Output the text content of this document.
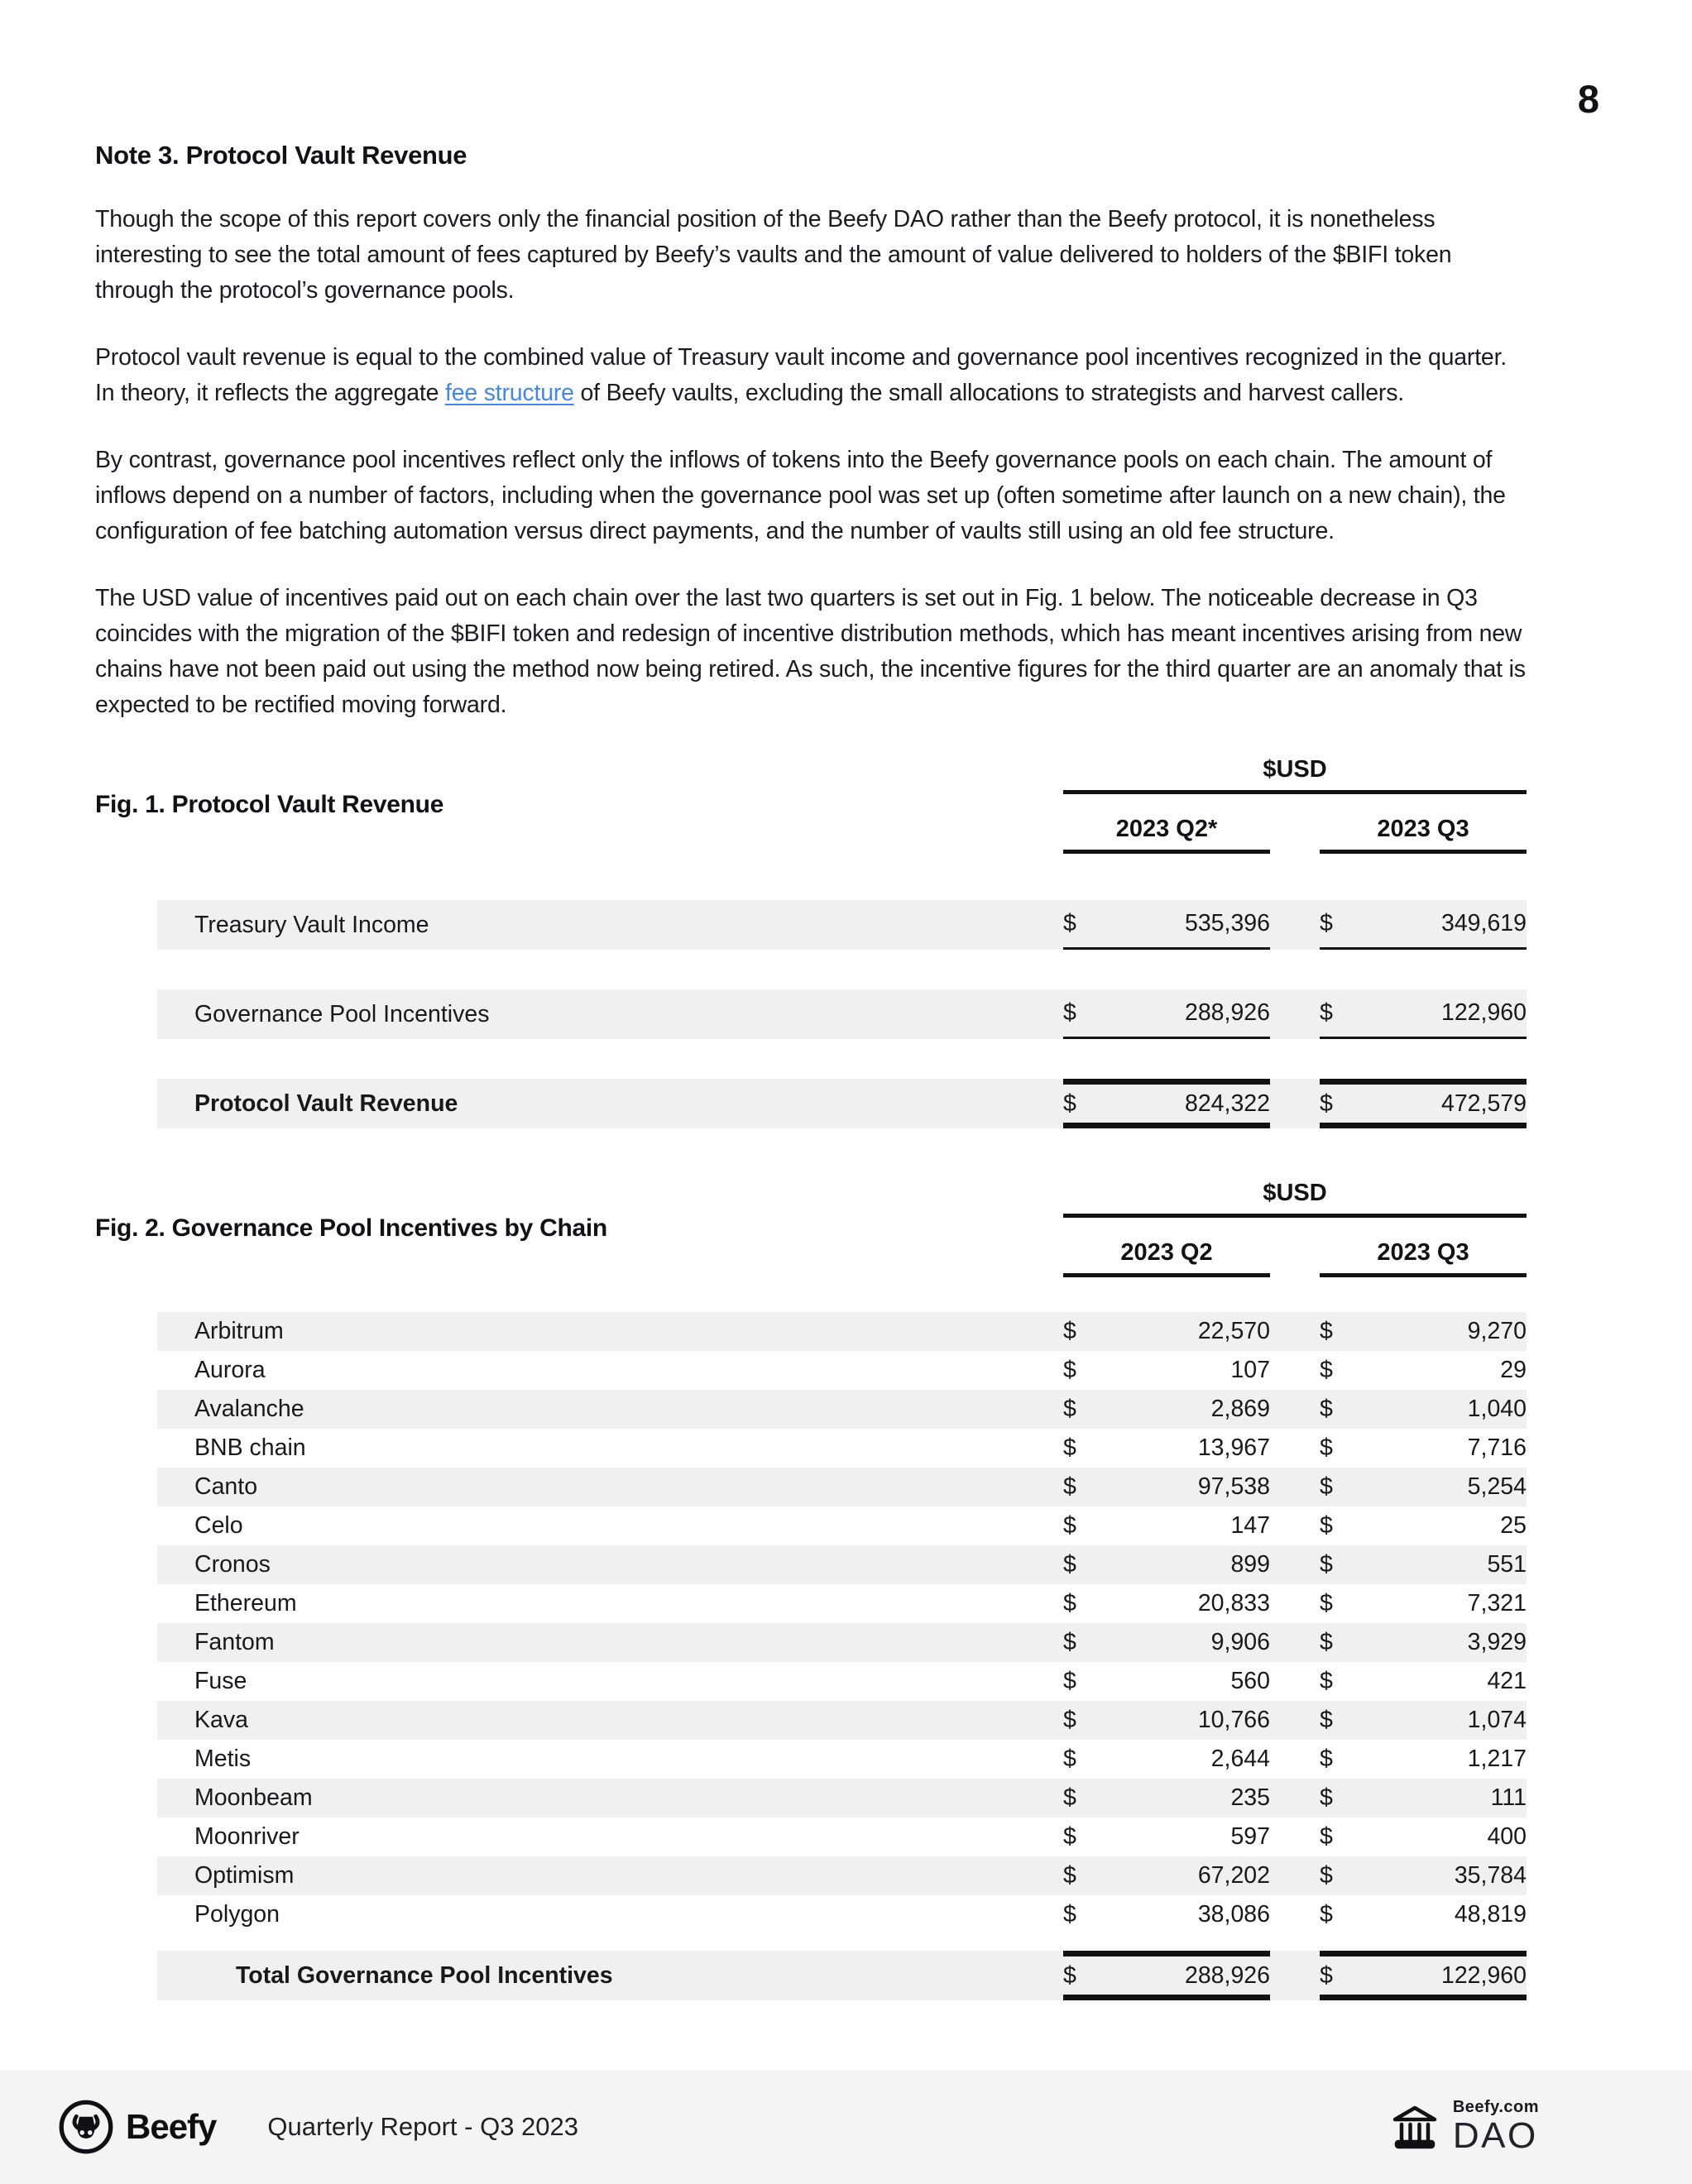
8
Note 3. Protocol Vault Revenue

Though the scope of this report covers only the financial position of the Beefy DAO rather than the Beefy protocol, it is nonetheless interesting to see the total amount of fees captured by Beefy’s vaults and the amount of value delivered to holders of the $BIFI token through the protocol’s governance pools.

Protocol vault revenue is equal to the combined value of Treasury vault income and governance pool incentives recognized in the quarter. In theory, it reflects the aggregate fee structure of Beefy vaults, excluding the small allocations to strategists and harvest callers.

By contrast, governance pool incentives reflect only the inflows of tokens into the Beefy governance pools on each chain. The amount of inflows depend on a number of factors, including when the governance pool was set up (often sometime after launch on a new chain), the configuration of fee batching automation versus direct payments, and the number of vaults still using an old fee structure.

The USD value of incentives paid out on each chain over the last two quarters is set out in Fig. 1 below. The noticeable decrease in Q3 coincides with the migration of the $BIFI token and redesign of incentive distribution methods, which has meant incentives arising from new chains have not been paid out using the method now being retired. As such, the incentive figures for the third quarter are an anomaly that is expected to be rectified moving forward.

Fig. 1. Protocol Vault Revenue
$USD
2023 Q2*	2023 Q3
Treasury Vault Income	$	535,396 $	349,619
Governance Pool Incentives	$	288,926 $	122,960
Protocol Vault Revenue	$	824,322 $	472,579
Fig. 2. Governance Pool Incentives by Chain
$USD
2023 Q2	2023 Q3
Arbitrum	$	22,570 $	9,270
Aurora	$	107 $	29
Avalanche	$	2,869 $	1,040
BNB chain	$	13,967 $	7,716
Canto	$	97,538 $	5,254
Celo	$	147 $	25
Cronos	$	899 $	551
Ethereum	$	20,833 $	7,321
Fantom	$	9,906 $	3,929
Fuse	$	560 $	421
Kava	$	10,766 $	1,074
Metis	$	2,644 $	1,217
Moonbeam	$	235 $	111
Moonriver	$	597 $	400
Optimism	$	67,202 $	35,784
Polygon	$	38,086 $	48,819
Total Governance Pool Incentives	$	288,926 $	122,960
Beefy Quarterly Report - Q3 2023
Beefy.com
DAO
